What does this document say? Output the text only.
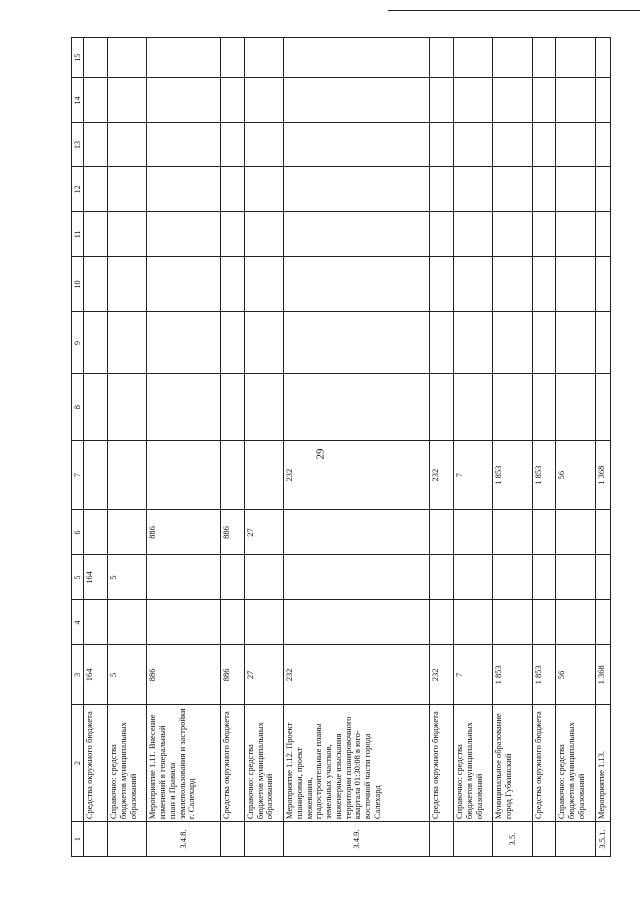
29
1	2	3	4	5	6	7	8	9	10	11	12	13	14	15
	Средства окружного бюджета	164		164										
	Справочно: средства бюджетов муниципальных образований	5		5										
3.4.8.	Мероприятие 1.11. Внесение изменений в генеральный план и Правила землепользования и застройки г. Салехард	886			886									
	Средства окружного бюджета	886			886									
	Справочно: средства бюджетов муниципальных образований	27			27									
3.4.9.	Мероприятие 1.12. Проект планировки, проект межевания, градостроительные планы земельных участков, инженерные изыскания территории планировочного квартала 01:30:08 в юго-восточной части города Салехард	232				232								
	Средства окружного бюджета	232				232								
	Справочно: средства бюджетов муниципальных образований	7				7								
3.5.	Муниципальное образование город Губкинский	1 853				1 853								
	Средства окружного бюджета	1 853				1 853								
	Справочно: средства бюджетов муниципальных образований	56				56								
3.5.1.	Мероприятие 1.13.	1 368				1 368								
